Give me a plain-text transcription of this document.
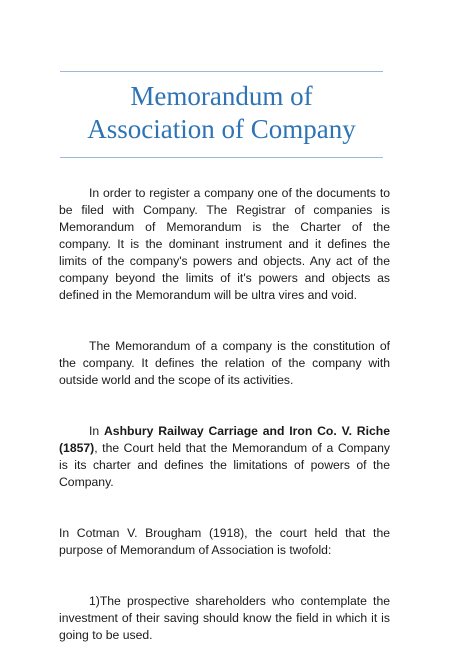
Memorandum of
Association of Company

In order to register a company one of the documents to be filed with Company. The Registrar of companies is Memorandum of Memorandum is the Charter of the company. It is the dominant instrument and it defines the limits of the company's powers and objects. Any act of the company beyond the limits of it's powers and objects as defined in the Memorandum will be ultra vires and void.

The Memorandum of a company is the constitution of the company. It defines the relation of the company with outside world and the scope of its activities.

In Ashbury Railway Carriage and Iron Co. V. Riche (1857), the Court held that the Memorandum of a Company is its charter and defines the limitations of powers of the Company.

In Cotman V. Brougham (1918), the court held that the purpose of Memorandum of Association is twofold:

1)The prospective shareholders who contemplate the investment of their saving should know the field in which it is going to be used.
